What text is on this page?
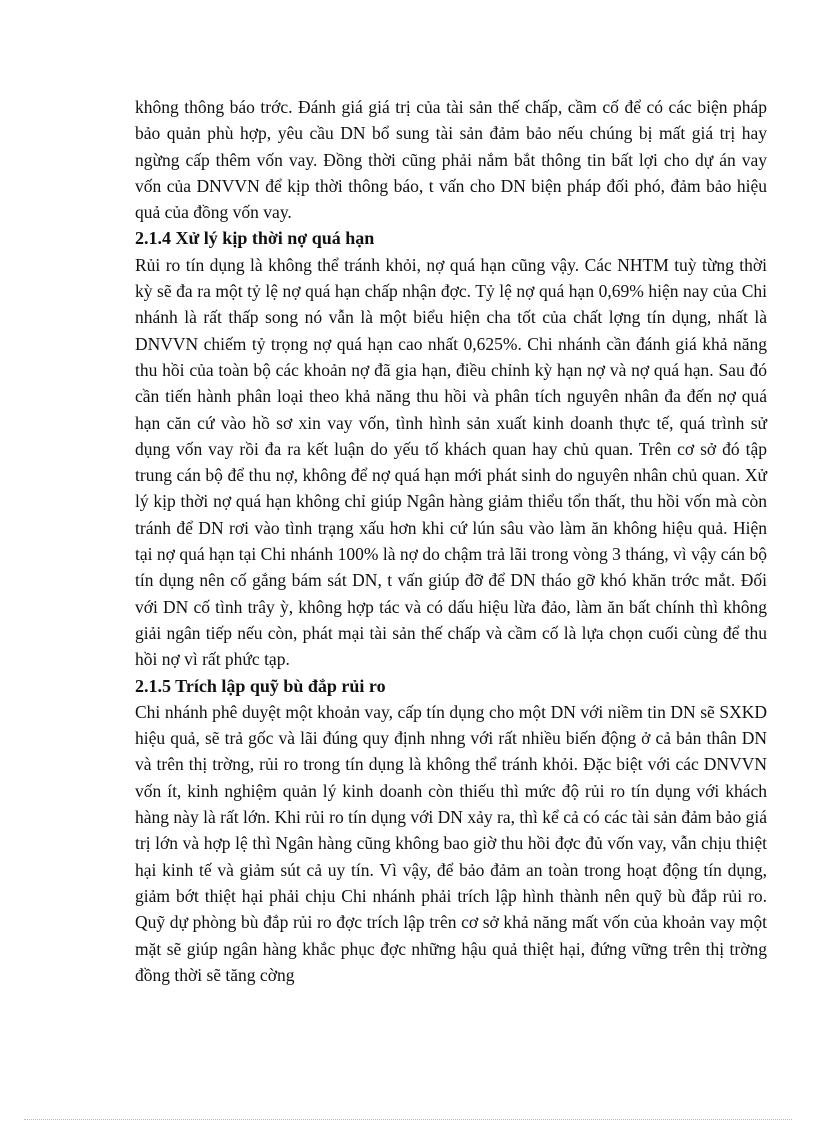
không thông báo trớc. Đánh giá giá trị của tài sản thế chấp, cầm cố để có các biện pháp bảo quản phù hợp, yêu cầu DN bổ sung tài sản đảm bảo nếu chúng bị mất giá trị hay ngừng cấp thêm vốn vay. Đồng thời cũng phải nắm bắt thông tin bất lợi cho dự án vay vốn của DNVVN để kịp thời thông báo, t vấn cho DN biện pháp đối phó, đảm bảo hiệu quả của đồng vốn vay.

2.1.4 Xử lý kịp thời nợ quá hạn

Rủi ro tín dụng là không thể tránh khỏi, nợ quá hạn cũng vậy. Các NHTM tuỳ từng thời kỳ sẽ đa ra một tỷ lệ nợ quá hạn chấp nhận đợc. Tỷ lệ nợ quá hạn 0,69% hiện nay của Chi nhánh là rất thấp song nó vẫn là một biểu hiện cha tốt của chất lợng tín dụng, nhất là DNVVN chiếm tỷ trọng nợ quá hạn cao nhất 0,625%. Chi nhánh cần đánh giá khả năng thu hồi của toàn bộ các khoản nợ đã gia hạn, điều chỉnh kỳ hạn nợ và nợ quá hạn. Sau đó cần tiến hành phân loại theo khả năng thu hồi và phân tích nguyên nhân đa đến nợ quá hạn căn cứ vào hồ sơ xin vay vốn, tình hình sản xuất kinh doanh thực tế, quá trình sử dụng vốn vay rồi đa ra kết luận do yếu tố khách quan hay chủ quan. Trên cơ sở đó tập trung cán bộ để thu nợ, không để nợ quá hạn mới phát sinh do nguyên nhân chủ quan. Xử lý kịp thời nợ quá hạn không chỉ giúp Ngân hàng giảm thiểu tổn thất, thu hồi vốn mà còn tránh để DN rơi vào tình trạng xấu hơn khi cứ lún sâu vào làm ăn không hiệu quả. Hiện tại nợ quá hạn tại Chi nhánh 100% là nợ do chậm trả lãi trong vòng 3 tháng, vì vậy cán bộ tín dụng nên cố gắng bám sát DN, t vấn giúp đỡ để DN tháo gỡ khó khăn trớc mắt. Đối với DN cố tình trây ỳ, không hợp tác và có dấu hiệu lừa đảo, làm ăn bất chính thì không giải ngân tiếp nếu còn, phát mại tài sản thế chấp và cầm cố là lựa chọn cuối cùng để thu hồi nợ vì rất phức tạp.

2.1.5 Trích lập quỹ bù đắp rủi ro

Chi nhánh phê duyệt một khoản vay, cấp tín dụng cho một DN với niềm tin DN sẽ SXKD hiệu quả, sẽ trả gốc và lãi đúng quy định nhng với rất nhiều biến động ở cả bản thân DN và trên thị trờng, rủi ro trong tín dụng là không thể tránh khỏi. Đặc biệt với các DNVVN vốn ít, kinh nghiệm quản lý kinh doanh còn thiếu thì mức độ rủi ro tín dụng với khách hàng này là rất lớn. Khi rủi ro tín dụng với DN xảy ra, thì kể cả có các tài sản đảm bảo giá trị lớn và hợp lệ thì Ngân hàng cũng không bao giờ thu hồi đợc đủ vốn vay, vẫn chịu thiệt hại kinh tế và giảm sút cả uy tín. Vì vậy, để bảo đảm an toàn trong hoạt động tín dụng, giảm bớt thiệt hại phải chịu Chi nhánh phải trích lập hình thành nên quỹ bù đắp rủi ro. Quỹ dự phòng bù đắp rủi ro đợc trích lập trên cơ sở khả năng mất vốn của khoản vay một mặt sẽ giúp ngân hàng khắc phục đợc những hậu quả thiệt hại, đứng vững trên thị trờng đồng thời sẽ tăng cờng
